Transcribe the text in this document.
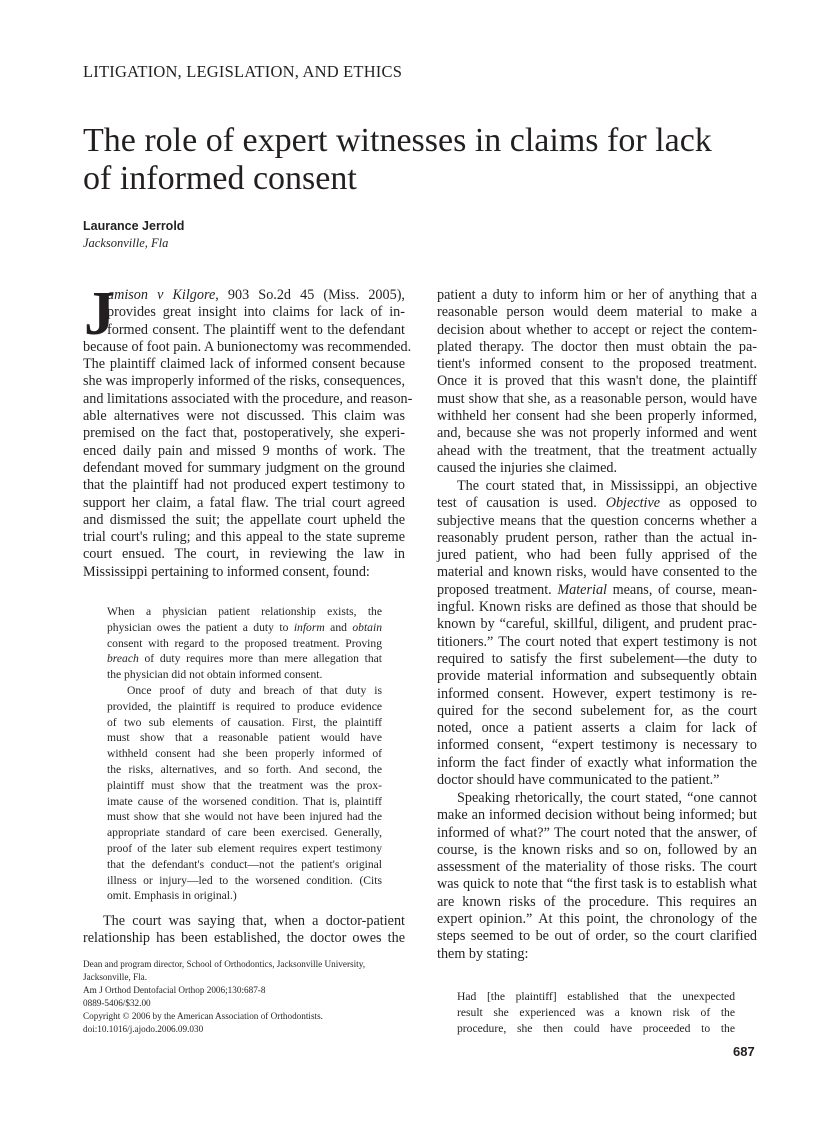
LITIGATION, LEGISLATION, AND ETHICS
The role of expert witnesses in claims for lack
of informed consent
Laurance Jerrold
Jacksonville, Fla
J
amison v Kilgore, 903 So.2d 45 (Miss. 2005),
provides great insight into claims for lack of in-
formed consent. The plaintiff went to the defendant
because of foot pain. A bunionectomy was recommended.
The plaintiff claimed lack of informed consent because
she was improperly informed of the risks, consequences,
and limitations associated with the procedure, and reason-
able alternatives were not discussed. This claim was
premised on the fact that, postoperatively, she experi-
enced daily pain and missed 9 months of work. The
defendant moved for summary judgment on the ground
that the plaintiff had not produced expert testimony to
support her claim, a fatal flaw. The trial court agreed
and dismissed the suit; the appellate court upheld the
trial court's ruling; and this appeal to the state supreme
court ensued. The court, in reviewing the law in
Mississippi pertaining to informed consent, found:
When a physician patient relationship exists, the
physician owes the patient a duty to inform and obtain
consent with regard to the proposed treatment. Proving
breach of duty requires more than mere allegation that
the physician did not obtain informed consent.
Once proof of duty and breach of that duty is
provided, the plaintiff is required to produce evidence
of two sub elements of causation. First, the plaintiff
must show that a reasonable patient would have
withheld consent had she been properly informed of
the risks, alternatives, and so forth. And second, the
plaintiff must show that the treatment was the prox-
imate cause of the worsened condition. That is, plaintiff
must show that she would not have been injured had the
appropriate standard of care been exercised. Generally,
proof of the later sub element requires expert testimony
that the defendant's conduct—not the patient's original
illness or injury—led to the worsened condition. (Cits
omit. Emphasis in original.)
The court was saying that, when a doctor-patient
relationship has been established, the doctor owes the
Dean and program director, School of Orthodontics, Jacksonville University,
Jacksonville, Fla.
Am J Orthod Dentofacial Orthop 2006;130:687-8
0889-5406/$32.00
Copyright © 2006 by the American Association of Orthodontists.
doi:10.1016/j.ajodo.2006.09.030
patient a duty to inform him or her of anything that a
reasonable person would deem material to make a
decision about whether to accept or reject the contem-
plated therapy. The doctor then must obtain the pa-
tient's informed consent to the proposed treatment.
Once it is proved that this wasn't done, the plaintiff
must show that she, as a reasonable person, would have
withheld her consent had she been properly informed,
and, because she was not properly informed and went
ahead with the treatment, that the treatment actually
caused the injuries she claimed.
The court stated that, in Mississippi, an objective
test of causation is used. Objective as opposed to
subjective means that the question concerns whether a
reasonably prudent person, rather than the actual in-
jured patient, who had been fully apprised of the
material and known risks, would have consented to the
proposed treatment. Material means, of course, mean-
ingful. Known risks are defined as those that should be
known by “careful, skillful, diligent, and prudent prac-
titioners.” The court noted that expert testimony is not
required to satisfy the first subelement—the duty to
provide material information and subsequently obtain
informed consent. However, expert testimony is re-
quired for the second subelement for, as the court
noted, once a patient asserts a claim for lack of
informed consent, “expert testimony is necessary to
inform the fact finder of exactly what information the
doctor should have communicated to the patient.”
Speaking rhetorically, the court stated, “one cannot
make an informed decision without being informed; but
informed of what?” The court noted that the answer, of
course, is the known risks and so on, followed by an
assessment of the materiality of those risks. The court
was quick to note that “the first task is to establish what
are known risks of the procedure. This requires an
expert opinion.” At this point, the chronology of the
steps seemed to be out of order, so the court clarified
them by stating:
Had [the plaintiff] established that the unexpected
result she experienced was a known risk of the
procedure, she then could have proceeded to the
687
